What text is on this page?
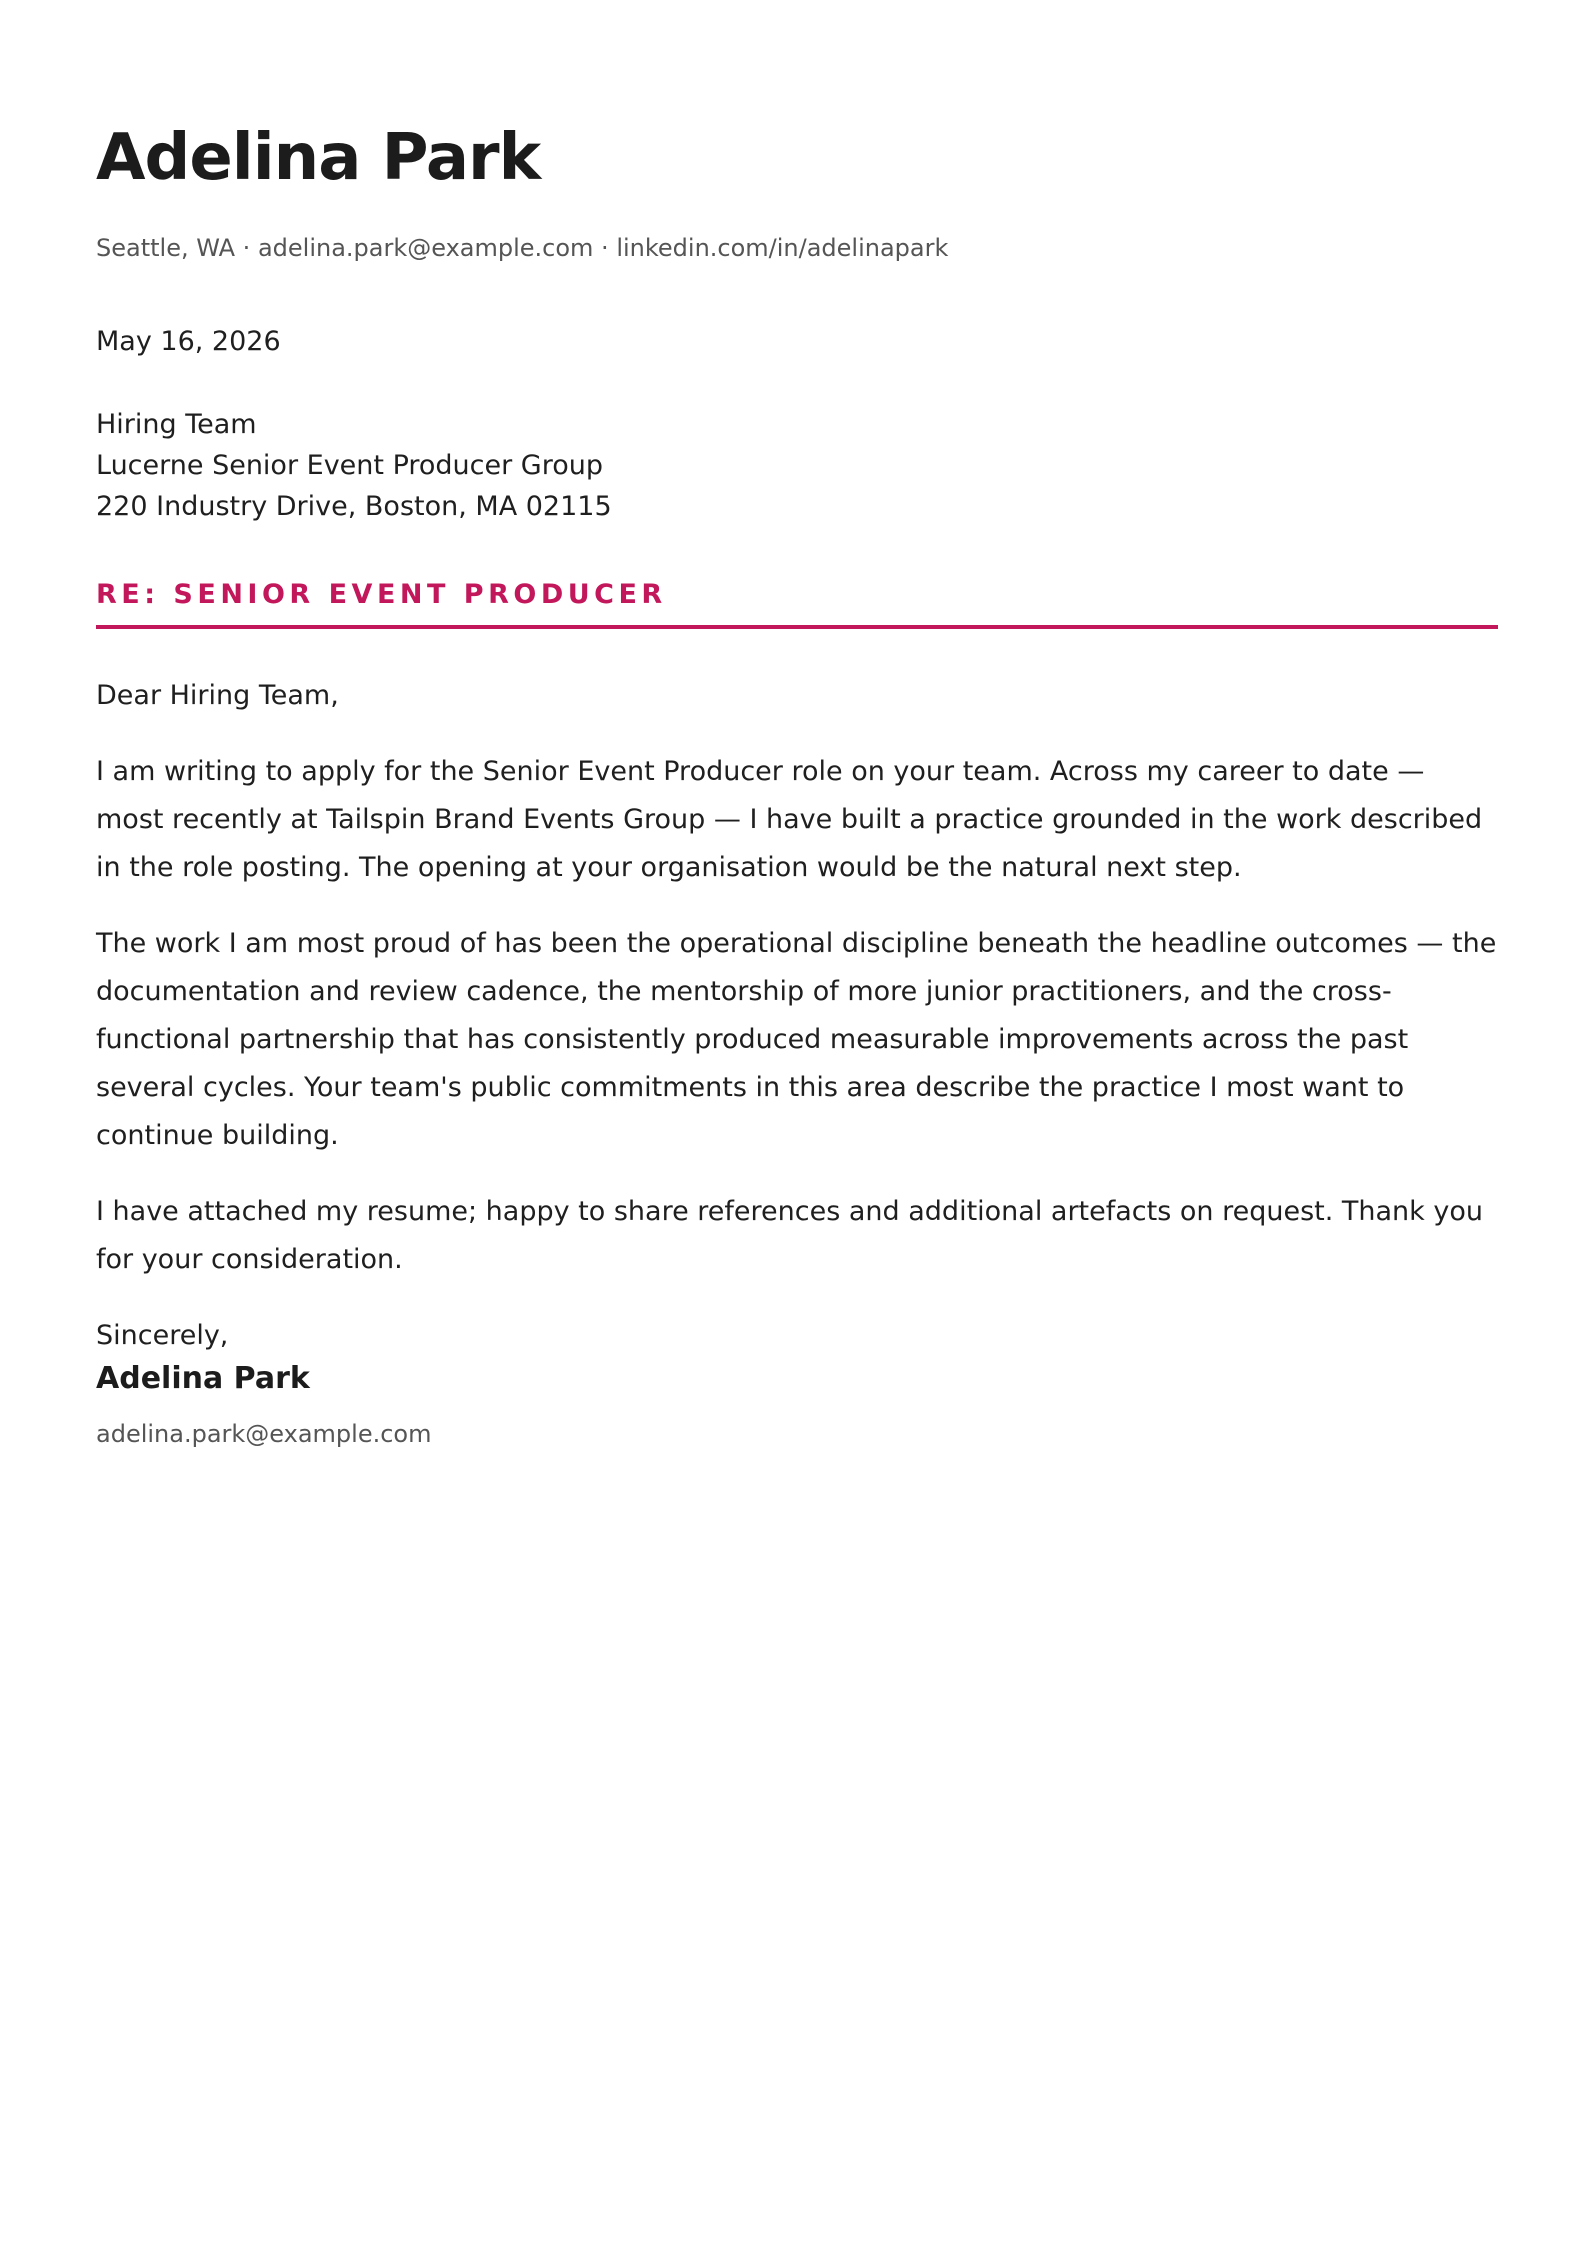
Adelina Park
Seattle, WA · adelina.park@example.com · linkedin.com/in/adelinapark
May 16, 2026
Hiring Team
Lucerne Senior Event Producer Group
220 Industry Drive, Boston, MA 02115
RE: SENIOR EVENT PRODUCER

Dear Hiring Team,

I am writing to apply for the Senior Event Producer role on your team. Across my career to date — most recently at Tailspin Brand Events Group — I have built a practice grounded in the work described in the role posting. The opening at your organisation would be the natural next step.

The work I am most proud of has been the operational discipline beneath the headline outcomes — the documentation and review cadence, the mentorship of more junior practitioners, and the cross-functional partnership that has consistently produced measurable improvements across the past several cycles. Your team's public commitments in this area describe the practice I most want to continue building.

I have attached my resume; happy to share references and additional artefacts on request. Thank you for your consideration.

Sincerely,

Adelina Park
adelina.park@example.com
